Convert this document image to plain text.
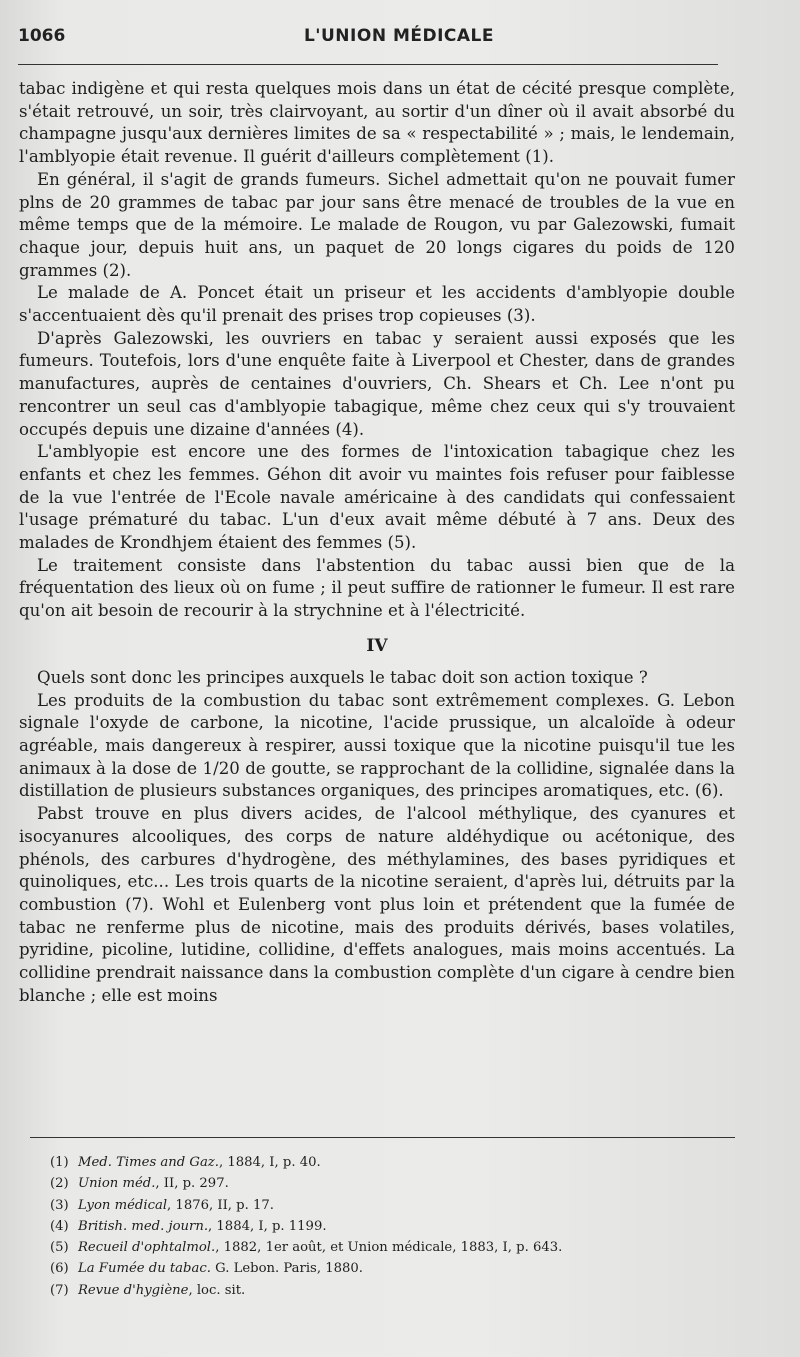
1066	L'UNION MÉDICALE

tabac indigène et qui resta quelques mois dans un état de cécité presque complète, s'était retrouvé, un soir, très clairvoyant, au sortir d'un dîner où il avait absorbé du champagne jusqu'aux dernières limites de sa « respectabilité » ; mais, le lendemain, l'amblyopie était revenue. Il guérit d'ailleurs complètement (1).

En général, il s'agit de grands fumeurs. Sichel admettait qu'on ne pouvait fumer plns de 20 grammes de tabac par jour sans être menacé de troubles de la vue en même temps que de la mémoire. Le malade de Rougon, vu par Galezowski, fumait chaque jour, depuis huit ans, un paquet de 20 longs cigares du poids de 120 grammes (2).

Le malade de A. Poncet était un priseur et les accidents d'amblyopie double s'accentuaient dès qu'il prenait des prises trop copieuses (3).

D'après Galezowski, les ouvriers en tabac y seraient aussi exposés que les fumeurs. Toutefois, lors d'une enquête faite à Liverpool et Chester, dans de grandes manufactures, auprès de centaines d'ouvriers, Ch. Shears et Ch. Lee n'ont pu rencontrer un seul cas d'amblyopie tabagique, même chez ceux qui s'y trouvaient occupés depuis une dizaine d'années (4).

L'amblyopie est encore une des formes de l'intoxication tabagique chez les enfants et chez les femmes. Géhon dit avoir vu maintes fois refuser pour faiblesse de la vue l'entrée de l'Ecole navale américaine à des candidats qui confessaient l'usage prématuré du tabac. L'un d'eux avait même débuté à 7 ans. Deux des malades de Krondhjem étaient des femmes (5).

Le traitement consiste dans l'abstention du tabac aussi bien que de la fréquentation des lieux où on fume ; il peut suffire de rationner le fumeur. Il est rare qu'on ait besoin de recourir à la strychnine et à l'électricité.

IV

Quels sont donc les principes auxquels le tabac doit son action toxique ?

Les produits de la combustion du tabac sont extrêmement complexes. G. Lebon signale l'oxyde de carbone, la nicotine, l'acide prussique, un alcaloïde à odeur agréable, mais dangereux à respirer, aussi toxique que la nicotine puisqu'il tue les animaux à la dose de 1/20 de goutte, se rapprochant de la collidine, signalée dans la distillation de plusieurs substances organiques, des principes aromatiques, etc. (6).

Pabst trouve en plus divers acides, de l'alcool méthylique, des cyanures et isocyanures alcooliques, des corps de nature aldéhydique ou acétonique, des phénols, des carbures d'hydrogène, des méthylamines, des bases pyridiques et quinoliques, etc... Les trois quarts de la nicotine seraient, d'après lui, détruits par la combustion (7). Wohl et Eulenberg vont plus loin et prétendent que la fumée de tabac ne renferme plus de nicotine, mais des produits dérivés, bases volatiles, pyridine, picoline, lutidine, collidine, d'effets analogues, mais moins accentués. La collidine prendrait naissance dans la combustion complète d'un cigare à cendre bien blanche ; elle est moins

(1) Med. Times and Gaz., 1884, I, p. 40.
(2) Union méd., II, p. 297.
(3) Lyon médical, 1876, II, p. 17.
(4) British. med. journ., 1884, I, p. 1199.
(5) Recueil d'ophtalmol., 1882, 1er août, et Union médicale, 1883, I, p. 643.
(6) La Fumée du tabac. G. Lebon. Paris, 1880.
(7) Revue d'hygiène, loc. sit.
